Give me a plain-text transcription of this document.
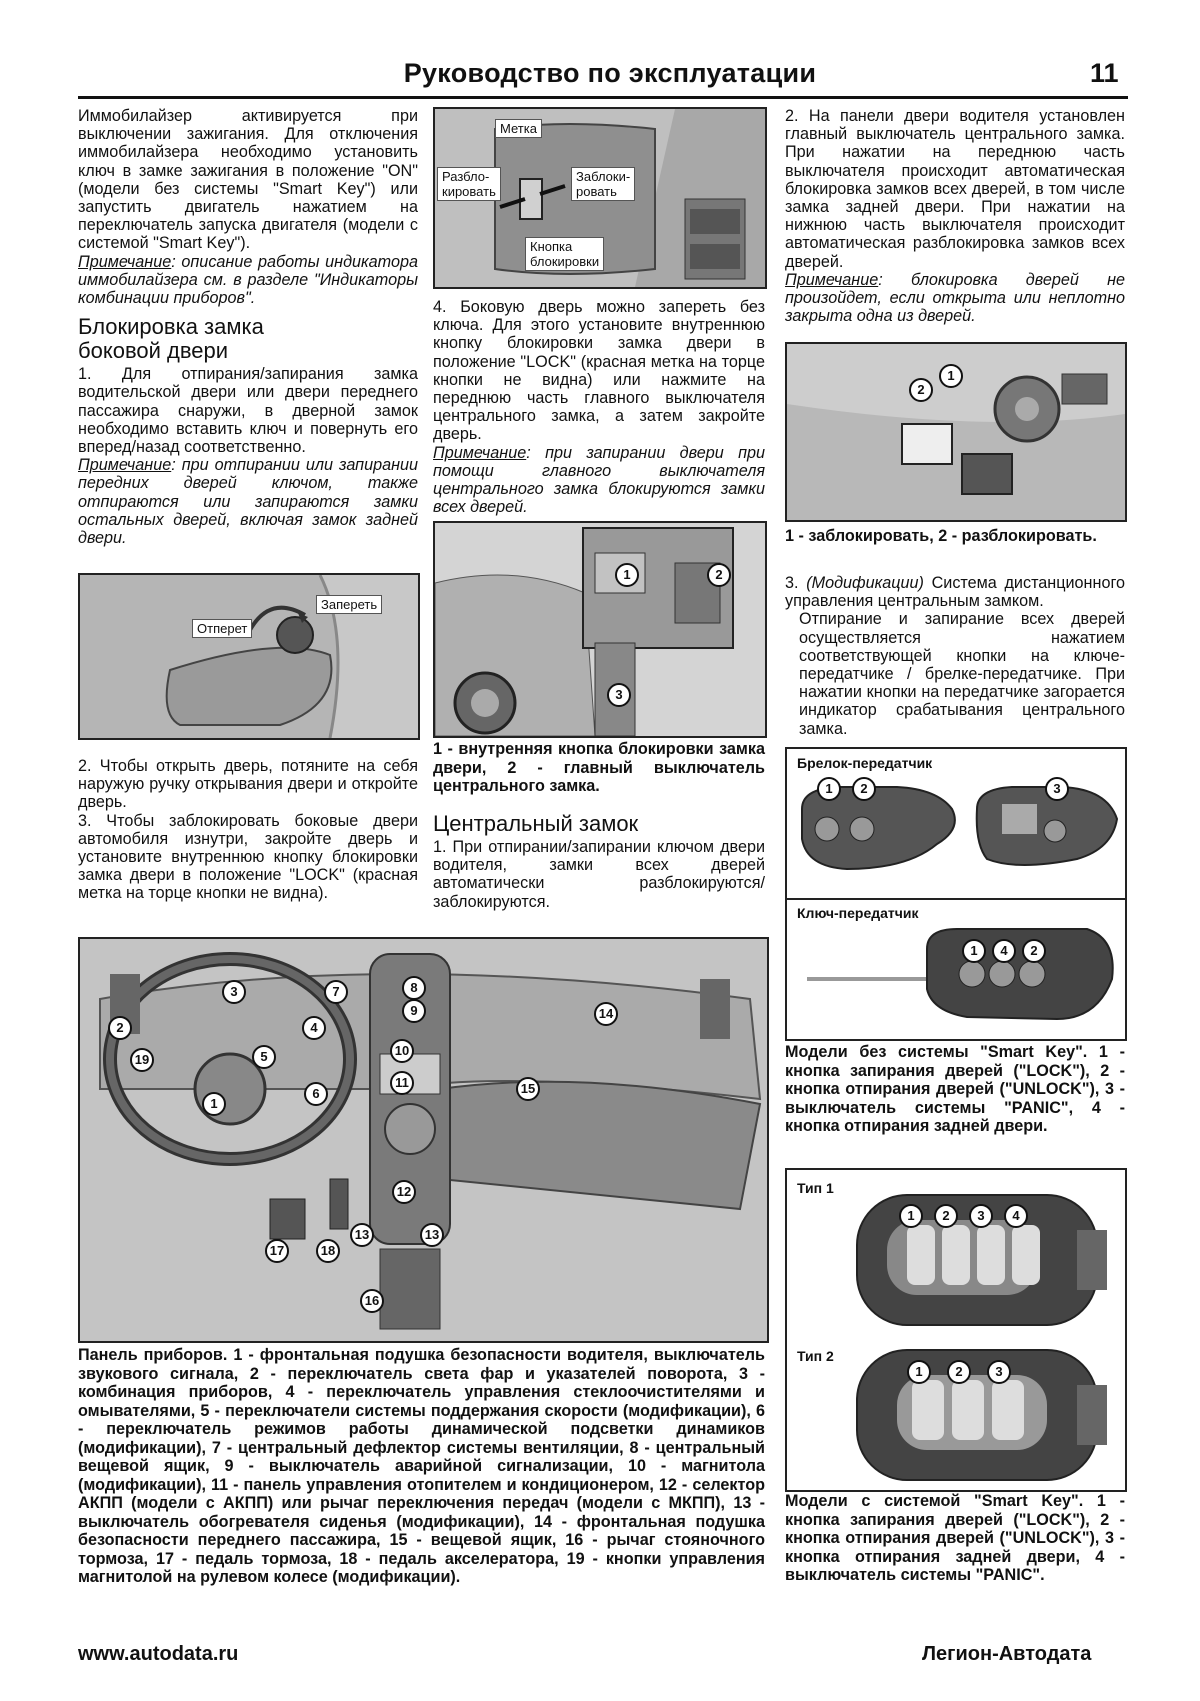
Руководство по эксплуатации	11

Иммобилайзер активируется при выключении зажигания. Для отключения иммобилайзера необходимо установить ключ в замке зажигания в положение "ON" (модели без системы "Smart Key") или запустить двигатель нажатием на переключатель запуска двигателя (модели с системой "Smart Key").

Примечание: описание работы индикатора иммобилайзера см. в разделе "Индикаторы комбинации приборов".

Блокировка замка
боковой двери

1. Для отпирания/запирания замка водительской двери или двери переднего пассажира снаружи, в дверной замок необходимо вставить ключ и повернуть его вперед/назад соответственно.

Примечание: при отпирании или запирании передних дверей ключом, также отпираются или запираются замки остальных дверей, включая замок задней двери.

Запереть
Отперет

2. Чтобы открыть дверь, потяните на себя наружую ручку открывания двери и откройте дверь.

3. Чтобы заблокировать боковые двери автомобиля изнутри, закройте дверь и установите внутреннюю кнопку блокировки замка двери в положение "LOCK" (красная метка на торце кнопки не видна).

Метка
Разбло-
кировать
Заблоки-
ровать
Кнопка
блокировки

4. Боковую дверь можно запереть без ключа. Для этого установите внутреннюю кнопку блокировки замка двери в положение "LOCK" (красная метка на торце кнопки не видна) или нажмите на переднюю часть главного выключателя центрального замка, а затем закройте дверь.

Примечание: при запирании двери при помощи главного выключателя центрального замка блокируются замки всех дверей.

1	2
3
1 - внутренняя кнопка блокировки замка двери, 2 - главный выключатель центрального замка.
Центральный замок

1. При отпирании/запирании ключом двери водителя, замки всех дверей автоматически разблокируются/заблокируются.

2. На панели двери водителя установлен главный выключатель центрального замка. При нажатии на переднюю часть выключателя происходит автоматическая блокировка замков всех дверей, в том числе замка задней двери. При нажатии на нижнюю часть выключателя происходит автоматическая разблокировка замков всех дверей.

Примечание: блокировка дверей не произойдет, если открыта или неплотно закрыта одна из дверей.

2
1
1 - заблокировать, 2 - разблокировать.

3. (Модификации) Система дистанционного управления центральным замком.

Отпирание и запирание всех дверей осуществляется нажатием соответствующей кнопки на ключе-передатчике / брелке-передатчике. При нажатии кнопки на передатчике загорается индикатор срабатывания центрального замка.

Брелок-передатчик
1	2	3
Ключ-передатчик
1	4	2
Модели без системы "Smart Key". 1 - кнопка запирания дверей ("LOCK"), 2 - кнопка отпирания дверей ("UNLOCK"), 3 - выключатель системы "PANIC", 4 - кнопка отпирания задней двери.
Тип 1
1	2	3	4
Тип 2
1	2	3
Модели с системой "Smart Key". 1 - кнопка запирания дверей ("LOCK"), 2 - кнопка отпирания дверей ("UNLOCK"), 3 - кнопка отпирания задней двери, 4 - выключатель системы "PANIC".
1
2
3
4
5
6
7	8
9
10
11
12
13	13
14
15
16
17	18
19
Панель приборов. 1 - фронтальная подушка безопасности водителя, выключатель звукового сигнала, 2 - переключатель света фар и указателей поворота, 3 - комбинация приборов, 4 - переключатель управления стеклоочистителями и омывателями, 5 - переключатели системы поддержания скорости (модификации), 6 - переключатель режимов работы динамической подсветки динамиков (модификации), 7 - центральный дефлектор системы вентиляции, 8 - центральный вещевой ящик, 9 - выключатель аварийной сигнализации, 10 - магнитола (модификации), 11 - панель управления отопителем и кондиционером, 12 - селектор АКПП (модели с АКПП) или рычаг переключения передач (модели с МКПП), 13 - выключатель обогревателя сиденья (модификации), 14 - фронтальная подушка безопасности переднего пассажира, 15 - вещевой ящик, 16 - рычаг стояночного тормоза, 17 - педаль тормоза, 18 - педаль акселератора, 19 - кнопки управления магнитолой на рулевом колесе (модификации).
www.autodata.ru	Легион-Автодата
